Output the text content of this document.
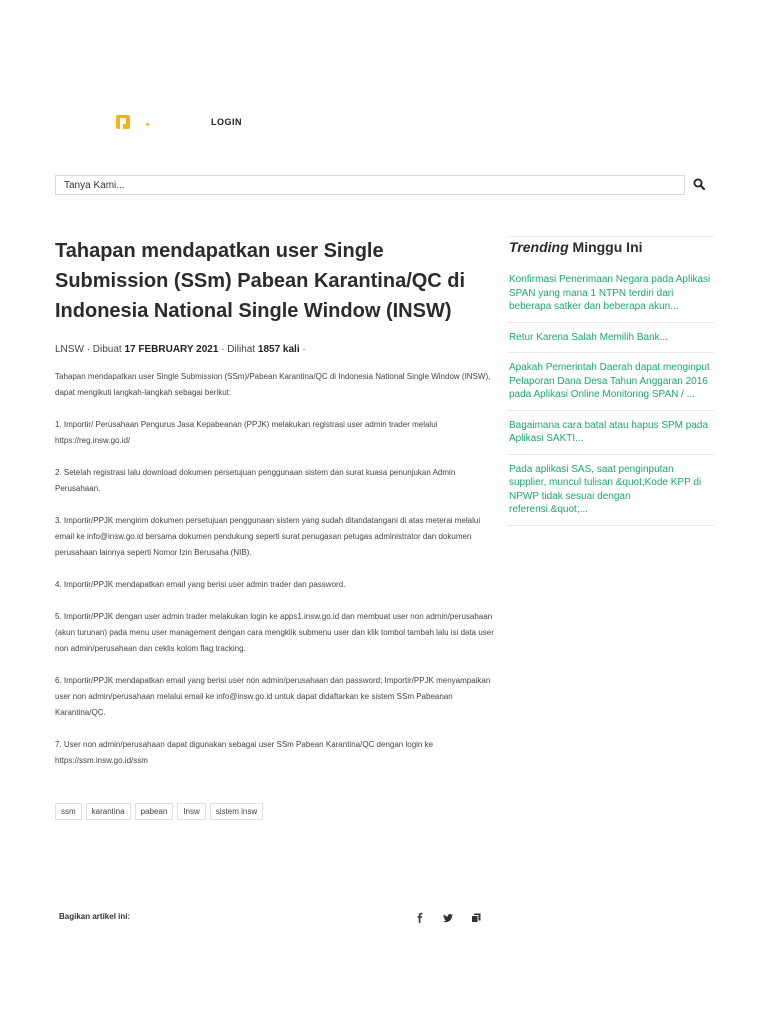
LOGIN
Tanya Kami...
Tahapan mendapatkan user Single Submission (SSm) Pabean Karantina/QC di Indonesia National Single Window (INSW)
LNSW · Dibuat 17 FEBRUARY 2021 · Dilihat 1857 kali ·

Tahapan mendapatkan user Single Submission (SSm)/Pabean Karantina/QC di Indonesia National Single Window (INSW), dapat mengikuti langkah-langkah sebagai berikut:

1. Importir/ Perusahaan Pengurus Jasa Kepabeanan (PPJK) melakukan registrasi user admin trader melalui https://reg.insw.go.id/

2. Setelah registrasi lalu download dokumen persetujuan penggunaan sistem dan surat kuasa penunjukan Admin Perusahaan.

3. Importir/PPJK mengirim dokumen persetujuan penggunaan sistem yang sudah ditandatangani di atas meterai melalui email ke info@insw.go.id bersama dokumen pendukung seperti surat penugasan petugas administrator dan dokumen perusahaan lainnya seperti Nomor Izin Berusaha (NIB).

4. Importir/PPJK mendapatkan email yang berisi user admin trader dan password.

5. Importir/PPJK dengan user admin trader melakukan login ke apps1.insw.go.id dan membuat user non admin/perusahaan (akun turunan) pada menu user management dengan cara mengklik submenu user dan klik tombol tambah lalu isi data user non admin/perusahaan dan ceklis kolom flag tracking.

6. Importir/PPJK mendapatkan email yang berisi user non admin/perusahaan dan password; Importir/PPJK menyampaikan user non admin/perusahaan melalui email ke info@insw.go.id untuk dapat didaftarkan ke sistem SSm Pabeanan Karantina/QC.

7. User non admin/perusahaan dapat digunakan sebagai user SSm Pabean Karantina/QC dengan login ke https://ssm.insw.go.id/ssm

ssm	karantina	pabean	Insw	sistem insw
Bagikan artikel ini:
Trending Minggu Ini
Konfirmasi Penerimaan Negara pada Aplikasi SPAN yang mana 1 NTPN terdiri dari beberapa satker dan beberapa akun...
Retur Karena Salah Memilih Bank...
Apakah Pemerintah Daerah dapat menginput Pelaporan Dana Desa Tahun Anggaran 2016 pada Aplikasi Online Monitoring SPAN / ...
Bagaimana cara batal atau hapus SPM pada Aplikasi SAKTI...
Pada aplikasi SAS, saat penginputan supplier, muncul tulisan &quot;Kode KPP di NPWP tidak sesuai dengan referensi.&quot;...
